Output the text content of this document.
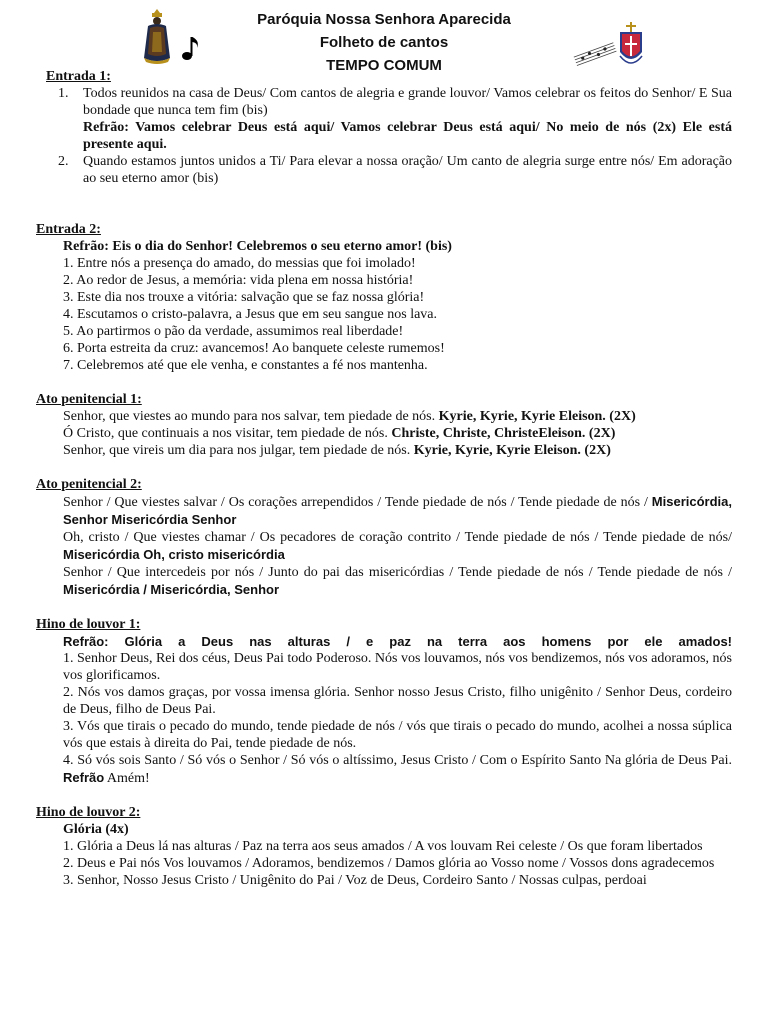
Paróquia Nossa Senhora Aparecida
Folheto de cantos
TEMPO COMUM
Entrada 1:
1. Todos reunidos na casa de Deus/ Com cantos de alegria e grande louvor/ Vamos celebrar os feitos do Senhor/ E Sua bondade que nunca tem fim (bis)
Refrão: Vamos celebrar Deus está aqui/ Vamos celebrar Deus está aqui/ No meio de nós (2x) Ele está presente aqui.
2. Quando estamos juntos unidos a Ti/ Para elevar a nossa oração/ Um canto de alegria surge entre nós/ Em adoração ao seu eterno amor (bis)
Entrada 2:
Refrão: Eis o dia do Senhor! Celebremos o seu eterno amor! (bis)
1. Entre nós a presença do amado, do messias que foi imolado!
2. Ao redor de Jesus, a memória: vida plena em nossa história!
3. Este dia nos trouxe a vitória: salvação que se faz nossa glória!
4. Escutamos o cristo-palavra, a Jesus que em seu sangue nos lava.
5. Ao partirmos o pão da verdade, assumimos real liberdade!
6. Porta estreita da cruz: avancemos! Ao banquete celeste rumemos!
7. Celebremos até que ele venha, e constantes a fé nos mantenha.
Ato penitencial 1:
Senhor, que viestes ao mundo para nos salvar, tem piedade de nós. Kyrie, Kyrie, Kyrie Eleison. (2X)
Ó Cristo, que continuais a nos visitar, tem piedade de nós. Christe, Christe, ChristeEleison. (2X)
Senhor, que vireis um dia para nos julgar, tem piedade de nós. Kyrie, Kyrie, Kyrie Eleison. (2X)
Ato penitencial 2:
Senhor / Que viestes salvar / Os corações arrependidos / Tende piedade de nós / Tende piedade de nós / Misericórdia, Senhor Misericórdia Senhor
Oh, cristo / Que viestes chamar / Os pecadores de coração contrito / Tende piedade de nós / Tende piedade de nós/ Misericórdia Oh, cristo misericórdia
Senhor / Que intercedeis por nós / Junto do pai das misericórdias / Tende piedade de nós / Tende piedade de nós / Misericórdia / Misericórdia, Senhor
Hino de louvor 1:
Refrão: Glória a Deus nas alturas / e paz na terra aos homens por ele amados!
1. Senhor Deus, Rei dos céus, Deus Pai todo Poderoso. Nós vos louvamos, nós vos bendizemos, nós vos adoramos, nós vos glorificamos.
2. Nós vos damos graças, por vossa imensa glória. Senhor nosso Jesus Cristo, filho unigênito / Senhor Deus, cordeiro de Deus, filho de Deus Pai.
3. Vós que tirais o pecado do mundo, tende piedade de nós / vós que tirais o pecado do mundo, acolhei a nossa súplica vós que estais à direita do Pai, tende piedade de nós.
4. Só vós sois Santo / Só vós o Senhor / Só vós o altíssimo, Jesus Cristo / Com o Espírito Santo Na glória de Deus Pai. Refrão Amém!
Hino de louvor 2:
Glória (4x)
1. Glória a Deus lá nas alturas / Paz na terra aos seus amados / A vos louvam Rei celeste / Os que foram libertados
2. Deus e Pai nós Vos louvamos / Adoramos, bendizemos / Damos glória ao Vosso nome / Vossos dons agradecemos
3. Senhor, Nosso Jesus Cristo / Unigênito do Pai / Voz de Deus, Cordeiro Santo / Nossas culpas, perdoai
